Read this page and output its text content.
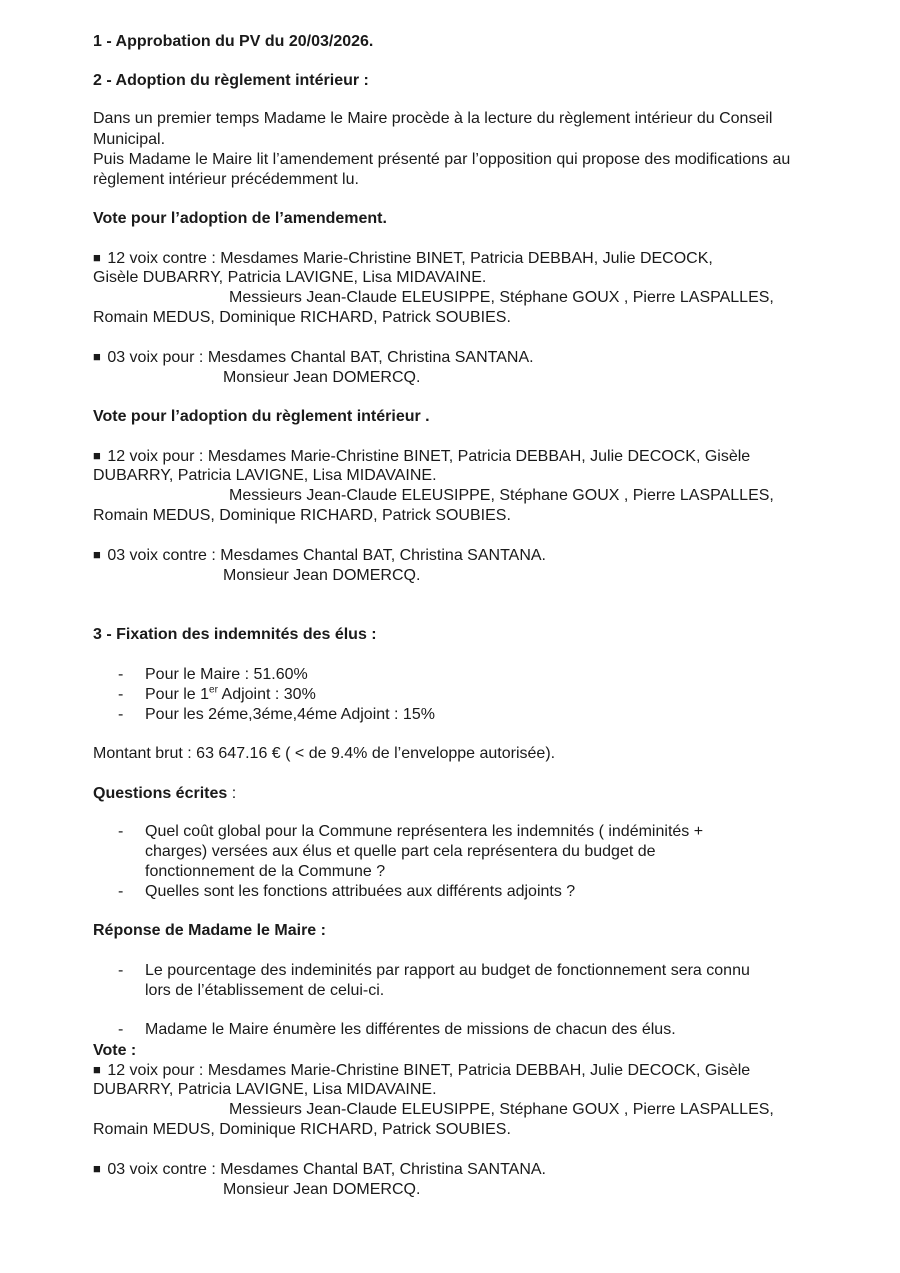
1 - Approbation du PV du 20/03/2026.
2 - Adoption du règlement intérieur :
Dans un premier temps Madame le Maire procède à la lecture du règlement intérieur du Conseil
Municipal.
Puis Madame le Maire lit l’amendement présenté par l’opposition qui propose des modifications au
règlement intérieur précédemment lu.
Vote pour l’adoption de l’amendement.
■ 12 voix contre : Mesdames Marie-Christine BINET, Patricia DEBBAH, Julie DECOCK,
Gisèle DUBARRY, Patricia LAVIGNE, Lisa MIDAVAINE.
Messieurs Jean-Claude ELEUSIPPE, Stéphane GOUX , Pierre LASPALLES,
Romain MEDUS, Dominique RICHARD, Patrick SOUBIES.
■ 03 voix pour : Mesdames Chantal BAT, Christina SANTANA.
Monsieur Jean DOMERCQ.
Vote pour l’adoption du règlement intérieur .
■ 12 voix pour : Mesdames Marie-Christine BINET, Patricia DEBBAH, Julie DECOCK, Gisèle
DUBARRY, Patricia LAVIGNE, Lisa MIDAVAINE.
Messieurs Jean-Claude ELEUSIPPE, Stéphane GOUX , Pierre LASPALLES,
Romain MEDUS, Dominique RICHARD, Patrick SOUBIES.
■ 03 voix contre : Mesdames Chantal BAT, Christina SANTANA.
Monsieur Jean DOMERCQ.
3 - Fixation des indemnités des élus :
- Pour le Maire : 51.60%
- Pour le 1er Adjoint : 30%
- Pour les 2éme,3éme,4éme Adjoint : 15%
Montant brut : 63 647.16 € ( < de 9.4% de l’enveloppe autorisée).
Questions écrites :
- Quel coût global pour la Commune représentera les indemnités ( indéminités +
charges) versées aux élus et quelle part cela représentera du budget de
fonctionnement de la Commune ?
- Quelles sont les fonctions attribuées aux différents adjoints ?
Réponse de Madame le Maire :
- Le pourcentage des indeminités par rapport au budget de fonctionnement sera connu
lors de l’établissement de celui-ci.
- Madame le Maire énumère les différentes de missions de chacun des élus.
Vote :
■ 12 voix pour : Mesdames Marie-Christine BINET, Patricia DEBBAH, Julie DECOCK, Gisèle
DUBARRY, Patricia LAVIGNE, Lisa MIDAVAINE.
Messieurs Jean-Claude ELEUSIPPE, Stéphane GOUX , Pierre LASPALLES,
Romain MEDUS, Dominique RICHARD, Patrick SOUBIES.
■ 03 voix contre : Mesdames Chantal BAT, Christina SANTANA.
Monsieur Jean DOMERCQ.
